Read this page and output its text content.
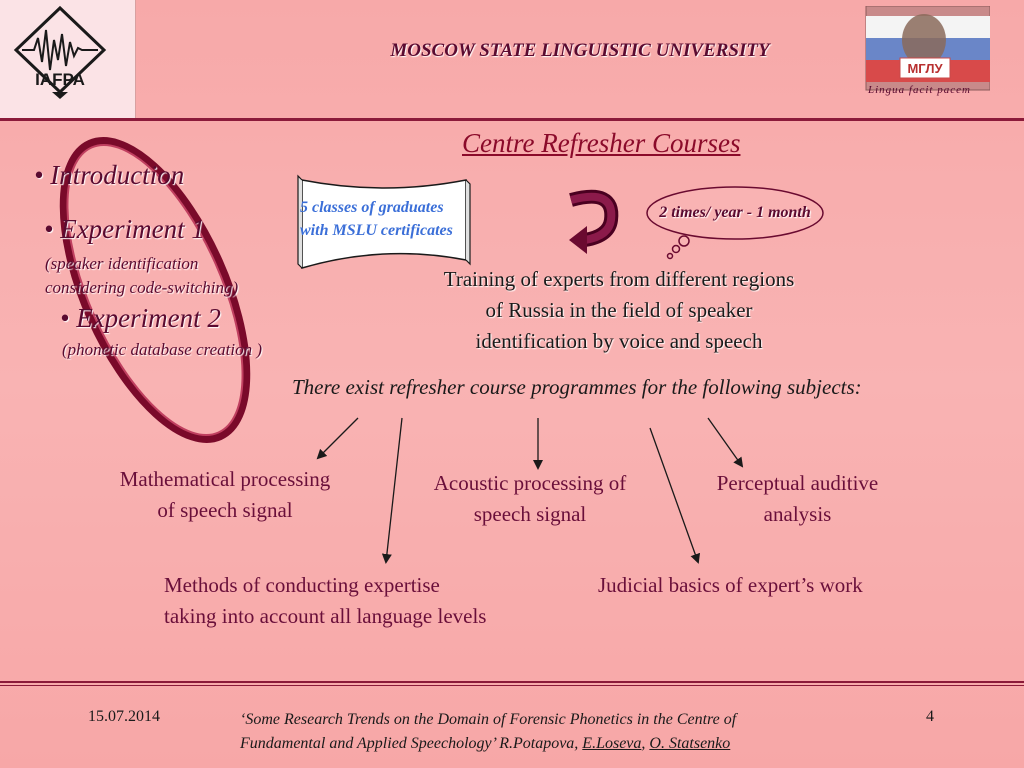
IAFPA
MOSCOW STATE LINGUISTIC UNIVERSITY
МГЛУ
Lingua facit pacem
Centre Refresher Courses
• Introduction
• Experiment 1
(speaker identification
considering code-switching)
• Experiment 2
(phonetic database creation )
5 classes of graduates
with MSLU certificates
2 times/ year - 1 month
Training of experts from different regions
of Russia in the field of speaker
identification by voice and speech
There exist refresher course programmes for the following subjects:
Mathematical processing
of speech signal
Acoustic processing of
speech signal
Perceptual auditive
analysis
Methods of conducting expertise
taking into account all language levels
Judicial basics of expert’s work
15.07.2014	‘Some Research Trends on the Domain of Forensic Phonetics in the Centre of
Fundamental and Applied Speechology’ R.Potapova, E.Loseva, O. Statsenko
4
